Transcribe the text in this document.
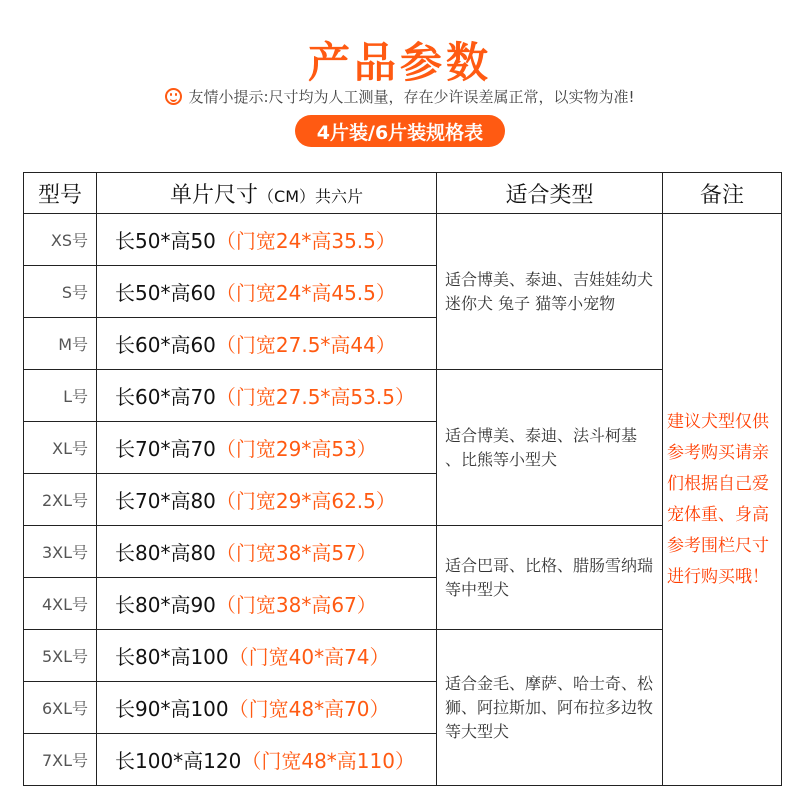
产品参数
友情小提示:尺寸均为人工测量，存在少许误差属正常，以实物为准!
4片装/6片装规格表
型号	单片尺寸（CM）共六片	适合类型	备注
XS号	长50*高50（门宽24*高35.5）	适合博美、泰迪、吉娃娃幼犬 迷你犬 兔子 猫等小宠物	建议犬型仅供参考购买请亲们根据自己爱宠体重、身高参考围栏尺寸进行购买哦！
S号	长50*高60（门宽24*高45.5）		
M号	长60*高60（门宽27.5*高44）		
L号	长60*高70（门宽27.5*高53.5）	适合博美、泰迪、法斗柯基 、比熊等小型犬	
XL号	长70*高70（门宽29*高53）		
2XL号	长70*高80（门宽29*高62.5）		
3XL号	长80*高80（门宽38*高57）	适合巴哥、比格、腊肠雪纳瑞等中型犬	
4XL号	长80*高90（门宽38*高67）		
5XL号	长80*高100（门宽40*高74）	适合金毛、摩萨、哈士奇、松狮、阿拉斯加、阿布拉多边牧等大型犬	
6XL号	长90*高100（门宽48*高70）		
7XL号	长100*高120（门宽48*高110）		
